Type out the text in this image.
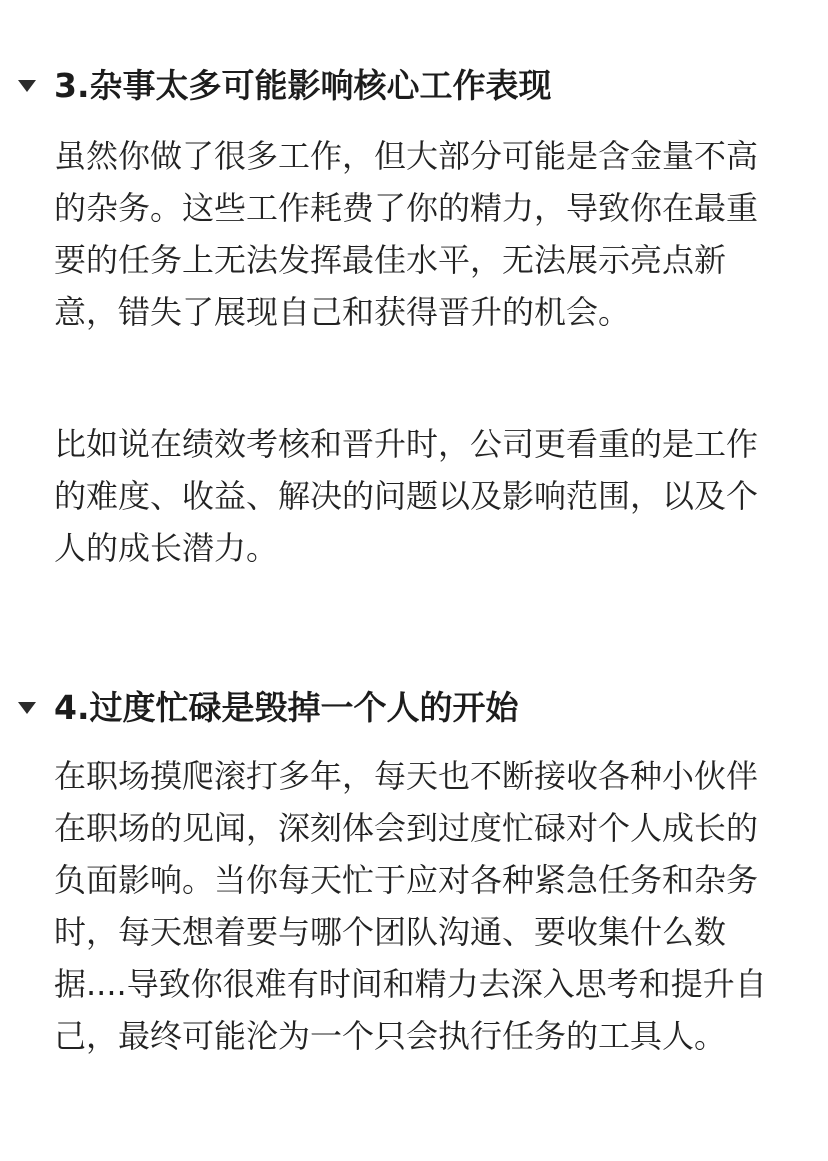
3.杂事太多可能影响核心工作表现
虽然你做了很多工作，但大部分可能是含金量不高
的杂务。这些工作耗费了你的精力，导致你在最重
要的任务上无法发挥最佳水平，无法展示亮点新
意，错失了展现自己和获得晋升的机会。
比如说在绩效考核和晋升时，公司更看重的是工作
的难度、收益、解决的问题以及影响范围，以及个
人的成长潜力。
4.过度忙碌是毁掉一个人的开始
在职场摸爬滚打多年，每天也不断接收各种小伙伴
在职场的见闻，深刻体会到过度忙碌对个人成长的
负面影响。当你每天忙于应对各种紧急任务和杂务
时，每天想着要与哪个团队沟通、要收集什么数
据....导致你很难有时间和精力去深入思考和提升自
己，最终可能沦为一个只会执行任务的工具人。
